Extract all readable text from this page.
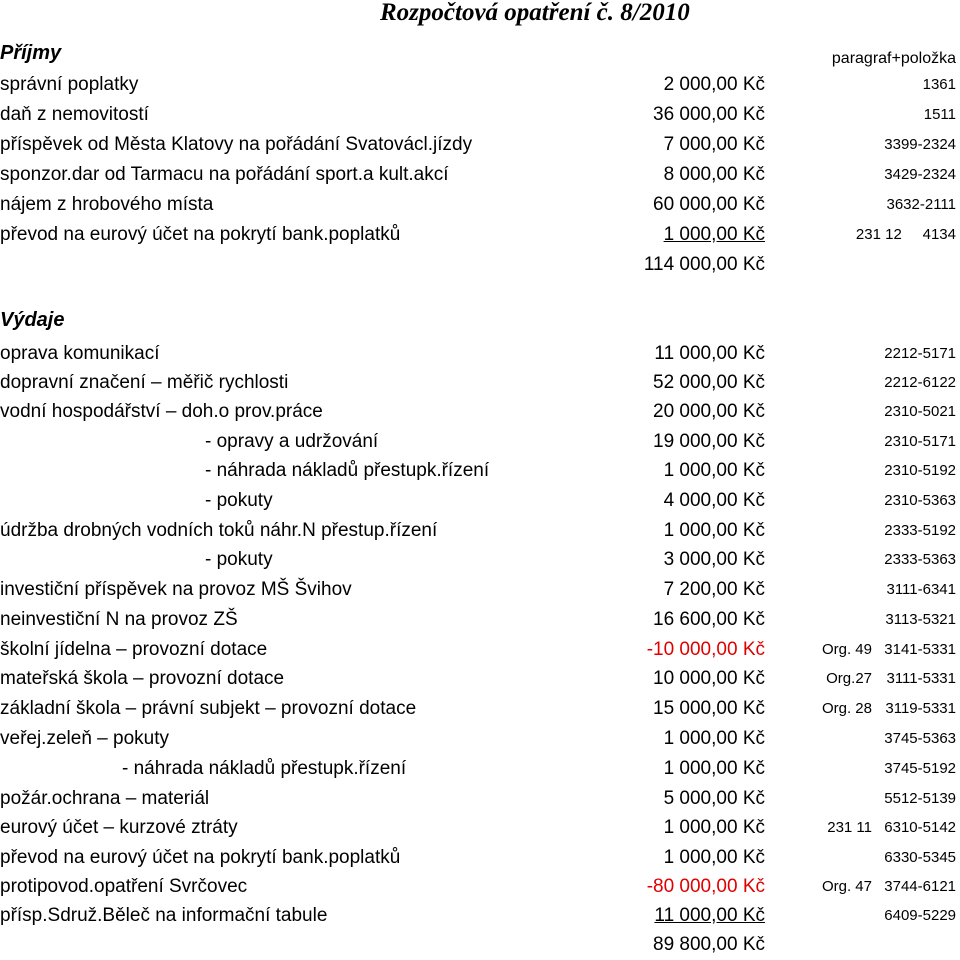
Rozpočtová opatření č. 8/2010
Příjmy	paragraf+položka
správní poplatky	2 000,00 Kč	1361
daň z nemovitostí	36 000,00 Kč	1511
příspěvek od Města Klatovy na pořádání Svatovácl.jízdy	7 000,00 Kč	3399-2324
sponzor.dar od Tarmacu na pořádání sport.a kult.akcí	8 000,00 Kč	3429-2324
nájem z hrobového místa	60 000,00 Kč	3632-2111
převod na eurový účet na pokrytí bank.poplatků	1 000,00 Kč	231 12     4134
114 000,00 Kč
Výdaje
oprava komunikací	11 000,00 Kč	2212-5171
dopravní značení – měřič rychlosti	52 000,00 Kč	2212-6122
vodní hospodářství – doh.o prov.práce	20 000,00 Kč	2310-5021
- opravy a udržování	19 000,00 Kč	2310-5171
- náhrada nákladů přestupk.řízení	1 000,00 Kč	2310-5192
- pokuty	4 000,00 Kč	2310-5363
údržba drobných vodních toků náhr.N přestup.řízení	1 000,00 Kč	2333-5192
- pokuty	3 000,00 Kč	2333-5363
investiční příspěvek na provoz MŠ Švihov	7 200,00 Kč	3111-6341
neinvestiční N na provoz ZŠ	16 600,00 Kč	3113-5321
školní jídelna – provozní dotace	-10 000,00 Kč	Org. 49 3141-5331
mateřská škola – provozní dotace	10 000,00 Kč	Org.27 3111-5331
základní škola – právní subjekt – provozní dotace	15 000,00 Kč	Org. 28 3119-5331
veřej.zeleň – pokuty	1 000,00 Kč	3745-5363
- náhrada nákladů přestupk.řízení	1 000,00 Kč	3745-5192
požár.ochrana – materiál	5 000,00 Kč	5512-5139
eurový účet – kurzové ztráty	1 000,00 Kč	231 11 6310-5142
převod na eurový účet na pokrytí bank.poplatků	1 000,00 Kč	6330-5345
protipovod.opatření Svrčovec	-80 000,00 Kč	Org. 47 3744-6121
přísp.Sdruž.Běleč na informační tabule	11 000,00 Kč	6409-5229
89 800,00 Kč
